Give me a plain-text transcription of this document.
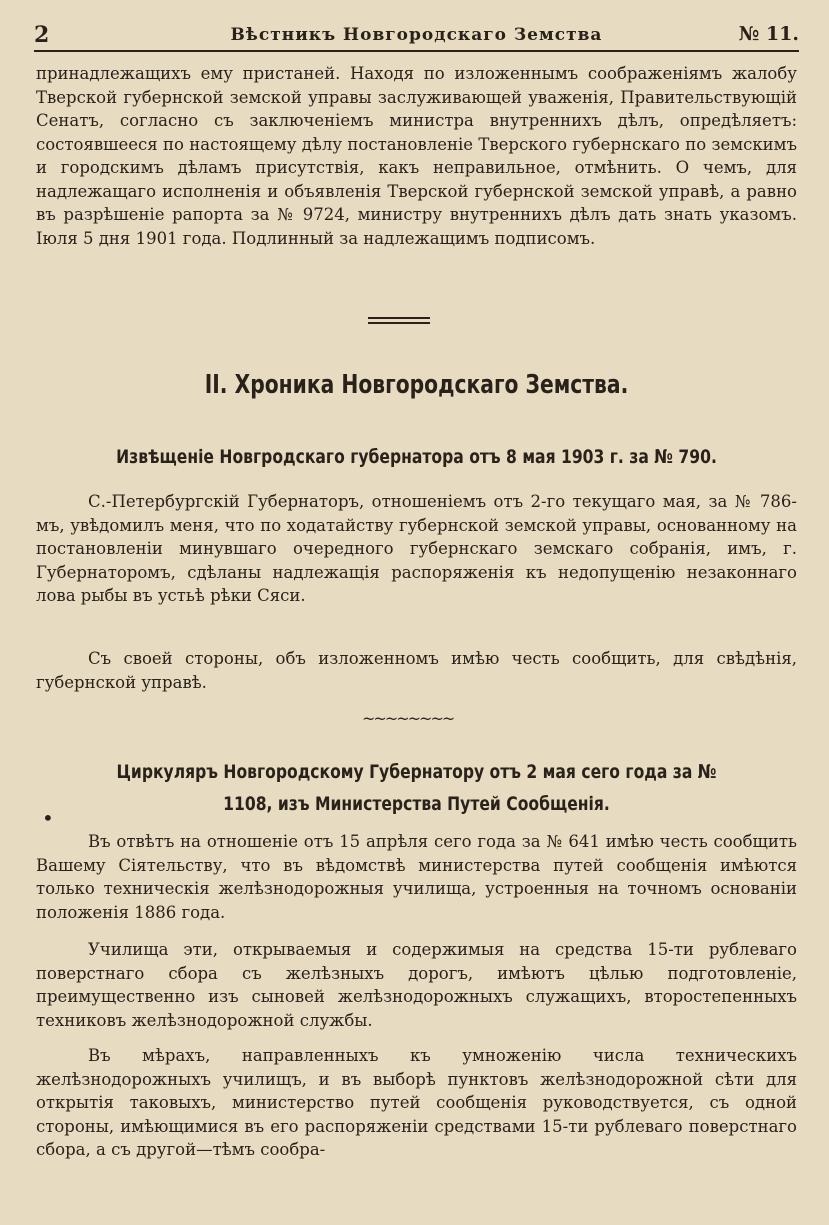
2	Вѣстникъ Новгородскаго Земства	№ 11.

принадлежащихъ ему пристаней. Находя по изложеннымъ соображеніямъ жалобу Тверской губернской земской управы заслуживающей уваженія, Правительствующій Сенатъ, согласно съ заключеніемъ министра внутреннихъ дѣлъ, опредѣляетъ: состоявшееся по настоящему дѣлу постановленіе Тверского губернскаго по земскимъ и городскимъ дѣламъ присутствія, какъ неправильное, отмѣнить. О чемъ, для надлежащаго исполненія и объявленія Тверской губернской земской управѣ, а равно въ разрѣшеніе рапорта за № 9724, министру внутреннихъ дѣлъ дать знать указомъ. Іюля 5 дня 1901 года. Подлинный за надлежащимъ подписомъ.

II. Хроника Новгородскаго Земства.
Извѣщеніе Новгродскаго губернатора отъ 8 мая 1903 г. за № 790.

С.-Петербургскій Губернаторъ, отношеніемъ отъ 2-го текущаго мая, за № 786-мъ, увѣдомилъ меня, что по ходатайству губернской земской управы, основанному на постановленіи минувшаго очередного губернскаго земскаго собранія, имъ, г. Губернаторомъ, сдѣланы надлежащія распоряженія къ недопущенію незаконнаго лова рыбы въ устьѣ рѣки Сяси.

Съ своей стороны, объ изложенномъ имѣю честь сообщить, для свѣдѣнія, губернской управѣ.

~~~~~~~~
Циркуляръ Новгородскому Губернатору отъ 2 мая сего года за № 1108, изъ Министерства Путей Сообщенія.
•

Въ отвѣтъ на отношеніе отъ 15 апрѣля сего года за № 641 имѣю честь сообщить Вашему Сіятельству, что въ вѣдомствѣ министерства путей сообщенія имѣются только техническія желѣзнодорожныя училища, устроенныя на точномъ основаніи положенія 1886 года.

Училища эти, открываемыя и содержимыя на средства 15-ти рублеваго поверстнаго сбора съ желѣзныхъ дорогъ, имѣютъ цѣлью подготовленіе, преимущественно изъ сыновей желѣзнодорожныхъ служащихъ, второстепенныхъ техниковъ желѣзнодорожной службы.

Въ мѣрахъ, направленныхъ къ умноженію числа техническихъ желѣзнодорожныхъ училищъ, и въ выборѣ пунктовъ желѣзнодорожной сѣти для открытія таковыхъ, министерство путей сообщенія руководствуется, съ одной стороны, имѣющимися въ его распоряженіи средствами 15-ти рублеваго поверстнаго сбора, а съ другой—тѣмъ сообра-
